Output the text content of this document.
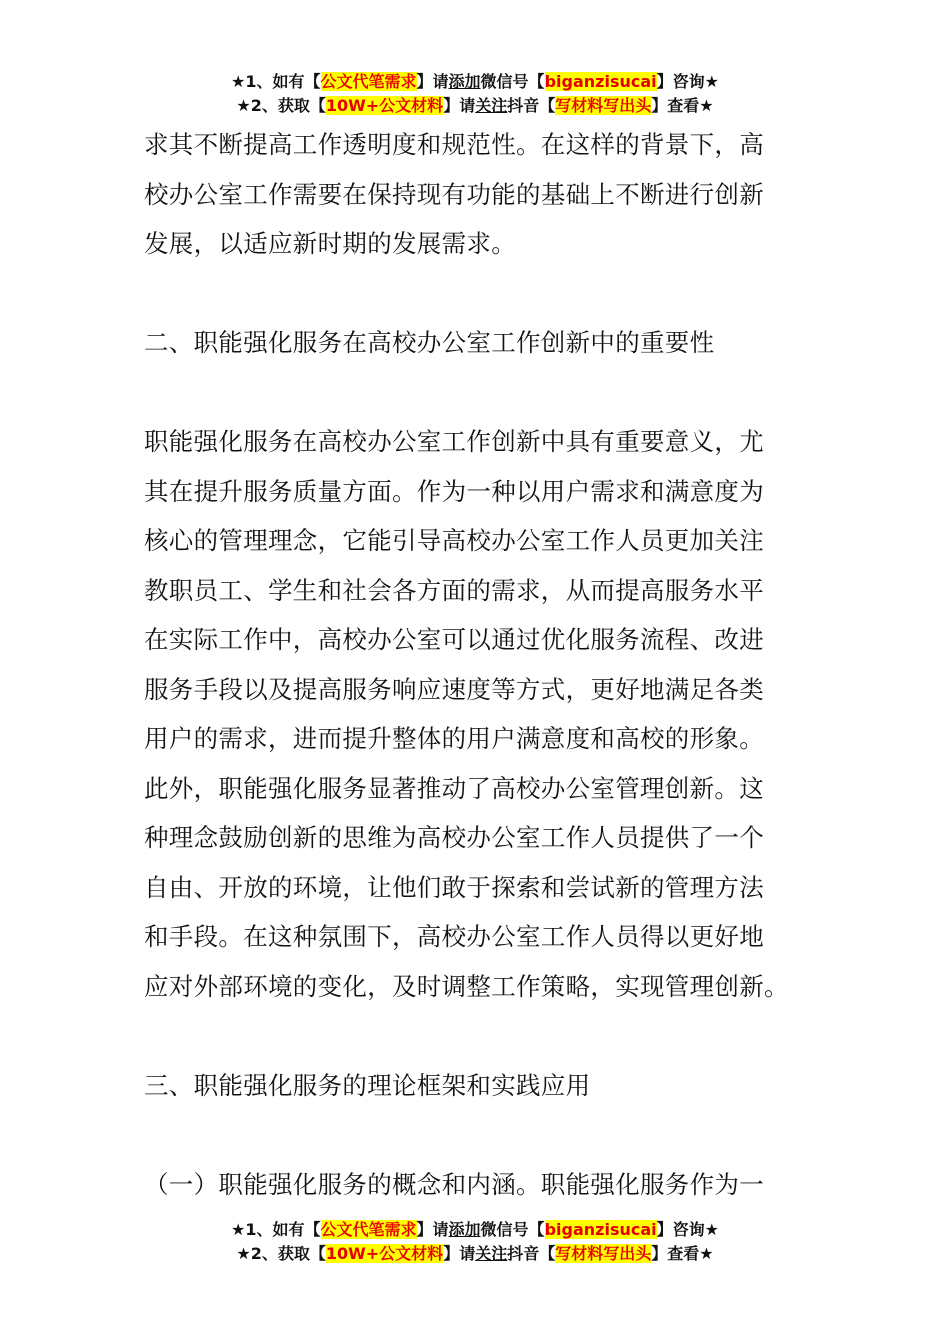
★1、如有【公文代笔需求】请添加微信号【biganzisucai】咨询★
★2、获取【10W+公文材料】请关注抖音【写材料写出头】查看★
求其不断提高工作透明度和规范性。在这样的背景下，高
校办公室工作需要在保持现有功能的基础上不断进行创新
发展，以适应新时期的发展需求。
二、职能强化服务在高校办公室工作创新中的重要性
职能强化服务在高校办公室工作创新中具有重要意义，尤
其在提升服务质量方面。作为一种以用户需求和满意度为
核心的管理理念，它能引导高校办公室工作人员更加关注
教职员工、学生和社会各方面的需求，从而提高服务水平
在实际工作中，高校办公室可以通过优化服务流程、改进
服务手段以及提高服务响应速度等方式，更好地满足各类
用户的需求，进而提升整体的用户满意度和高校的形象。
此外，职能强化服务显著推动了高校办公室管理创新。这
种理念鼓励创新的思维为高校办公室工作人员提供了一个
自由、开放的环境，让他们敢于探索和尝试新的管理方法
和手段。在这种氛围下，高校办公室工作人员得以更好地
应对外部环境的变化，及时调整工作策略，实现管理创新。
三、职能强化服务的理论框架和实践应用
（一）职能强化服务的概念和内涵。职能强化服务作为一
★1、如有【公文代笔需求】请添加微信号【biganzisucai】咨询★
★2、获取【10W+公文材料】请关注抖音【写材料写出头】查看★
